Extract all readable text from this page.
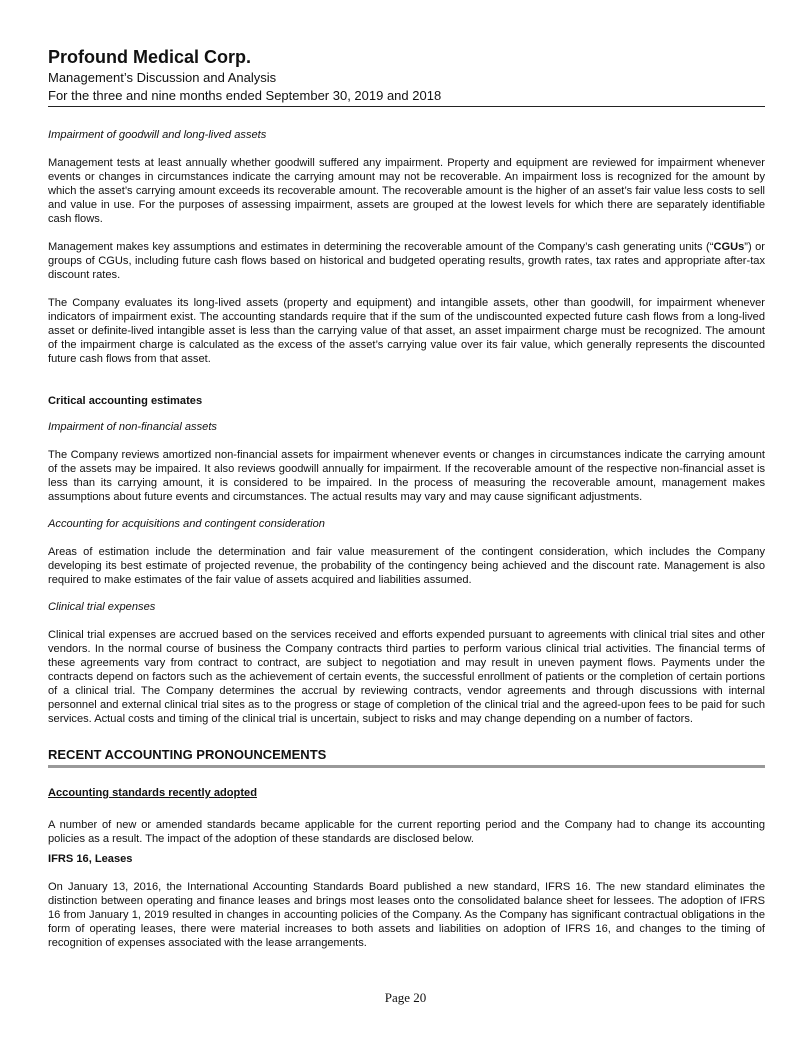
Profound Medical Corp.
Management’s Discussion and Analysis
For the three and nine months ended September 30, 2019 and 2018

Impairment of goodwill and long-lived assets

Management tests at least annually whether goodwill suffered any impairment. Property and equipment are reviewed for impairment whenever events or changes in circumstances indicate the carrying amount may not be recoverable. An impairment loss is recognized for the amount by which the asset’s carrying amount exceeds its recoverable amount. The recoverable amount is the higher of an asset’s fair value less costs to sell and value in use. For the purposes of assessing impairment, assets are grouped at the lowest levels for which there are separately identifiable cash flows.

Management makes key assumptions and estimates in determining the recoverable amount of the Company’s cash generating units (“CGUs”) or groups of CGUs, including future cash flows based on historical and budgeted operating results, growth rates, tax rates and appropriate after-tax discount rates.

The Company evaluates its long-lived assets (property and equipment) and intangible assets, other than goodwill, for impairment whenever indicators of impairment exist. The accounting standards require that if the sum of the undiscounted expected future cash flows from a long-lived asset or definite-lived intangible asset is less than the carrying value of that asset, an asset impairment charge must be recognized. The amount of the impairment charge is calculated as the excess of the asset’s carrying value over its fair value, which generally represents the discounted future cash flows from that asset.

Critical accounting estimates

Impairment of non-financial assets

The Company reviews amortized non-financial assets for impairment whenever events or changes in circumstances indicate the carrying amount of the assets may be impaired. It also reviews goodwill annually for impairment. If the recoverable amount of the respective non-financial asset is less than its carrying amount, it is considered to be impaired. In the process of measuring the recoverable amount, management makes assumptions about future events and circumstances. The actual results may vary and may cause significant adjustments.

Accounting for acquisitions and contingent consideration

Areas of estimation include the determination and fair value measurement of the contingent consideration, which includes the Company developing its best estimate of projected revenue, the probability of the contingency being achieved and the discount rate. Management is also required to make estimates of the fair value of assets acquired and liabilities assumed.

Clinical trial expenses

Clinical trial expenses are accrued based on the services received and efforts expended pursuant to agreements with clinical trial sites and other vendors. In the normal course of business the Company contracts third parties to perform various clinical trial activities. The financial terms of these agreements vary from contract to contract, are subject to negotiation and may result in uneven payment flows. Payments under the contracts depend on factors such as the achievement of certain events, the successful enrollment of patients or the completion of certain portions of a clinical trial. The Company determines the accrual by reviewing contracts, vendor agreements and through discussions with internal personnel and external clinical trial sites as to the progress or stage of completion of the clinical trial and the agreed-upon fees to be paid for such services. Actual costs and timing of the clinical trial is uncertain, subject to risks and may change depending on a number of factors.

RECENT ACCOUNTING PRONOUNCEMENTS

Accounting standards recently adopted

A number of new or amended standards became applicable for the current reporting period and the Company had to change its accounting policies as a result. The impact of the adoption of these standards are disclosed below.

IFRS 16, Leases

On January 13, 2016, the International Accounting Standards Board published a new standard, IFRS 16. The new standard eliminates the distinction between operating and finance leases and brings most leases onto the consolidated balance sheet for lessees. The adoption of IFRS 16 from January 1, 2019 resulted in changes in accounting policies of the Company. As the Company has significant contractual obligations in the form of operating leases, there were material increases to both assets and liabilities on adoption of IFRS 16, and changes to the timing of recognition of expenses associated with the lease arrangements.

Page 20
